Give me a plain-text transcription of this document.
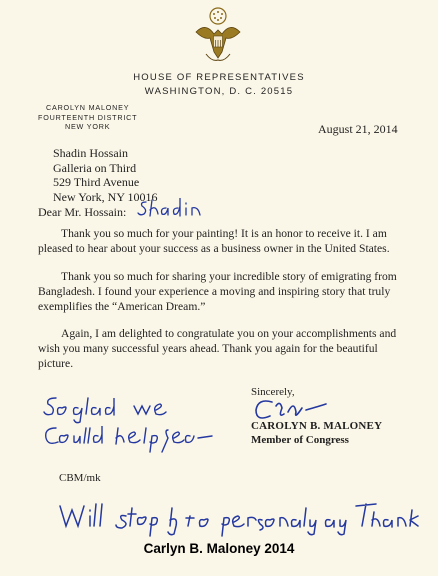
HOUSE OF REPRESENTATIVES
WASHINGTON, D. C. 20515
CAROLYN MALONEY
FOURTEENTH DISTRICT
NEW YORK	August 21, 2014
Shadin Hossain
Galleria on Third
529 Third Avenue
New York, NY 10016
Dear Mr. Hossain:
Thank you so much for your painting! It is an honor to receive it. I am pleased to hear about your success as a business owner in the United States.
Thank you so much for sharing your incredible story of emigrating from Bangladesh. I found your experience a moving and inspiring story that truly exemplifies the “American Dream.”
Again, I am delighted to congratulate you on your accomplishments and wish you many successful years ahead. Thank you again for the beautiful picture.
Sincerely,
CAROLYN B. MALONEY
Member of Congress
CBM/mk
Carlyn B. Maloney 2014
